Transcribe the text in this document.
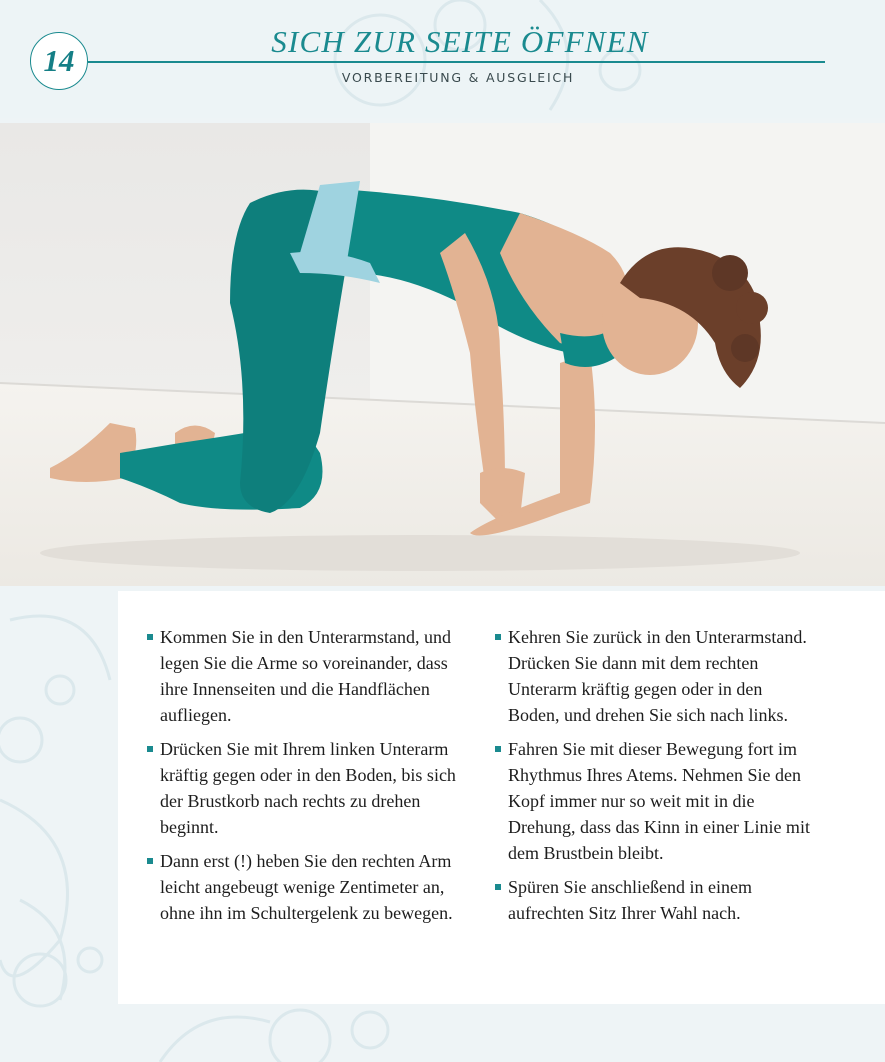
14
SICH ZUR SEITE ÖFFNEN
VORBEREITUNG & AUSGLEICH
Kommen Sie in den Unterarmstand, und legen Sie die Arme so voreinander, dass ihre Innenseiten und die Handflächen aufliegen.
Drücken Sie mit Ihrem linken Unterarm kräftig gegen oder in den Boden, bis sich der Brustkorb nach rechts zu drehen beginnt.
Dann erst (!) heben Sie den rechten Arm leicht angebeugt wenige Zentimeter an, ohne ihn im Schultergelenk zu bewegen.
Kehren Sie zurück in den Unterarmstand. Drücken Sie dann mit dem rechten Unterarm kräftig gegen oder in den Boden, und drehen Sie sich nach links.
Fahren Sie mit dieser Bewegung fort im Rhythmus Ihres Atems. Nehmen Sie den Kopf immer nur so weit mit in die Drehung, dass das Kinn in einer Linie mit dem Brustbein bleibt.
Spüren Sie anschließend in einem aufrechten Sitz Ihrer Wahl nach.
